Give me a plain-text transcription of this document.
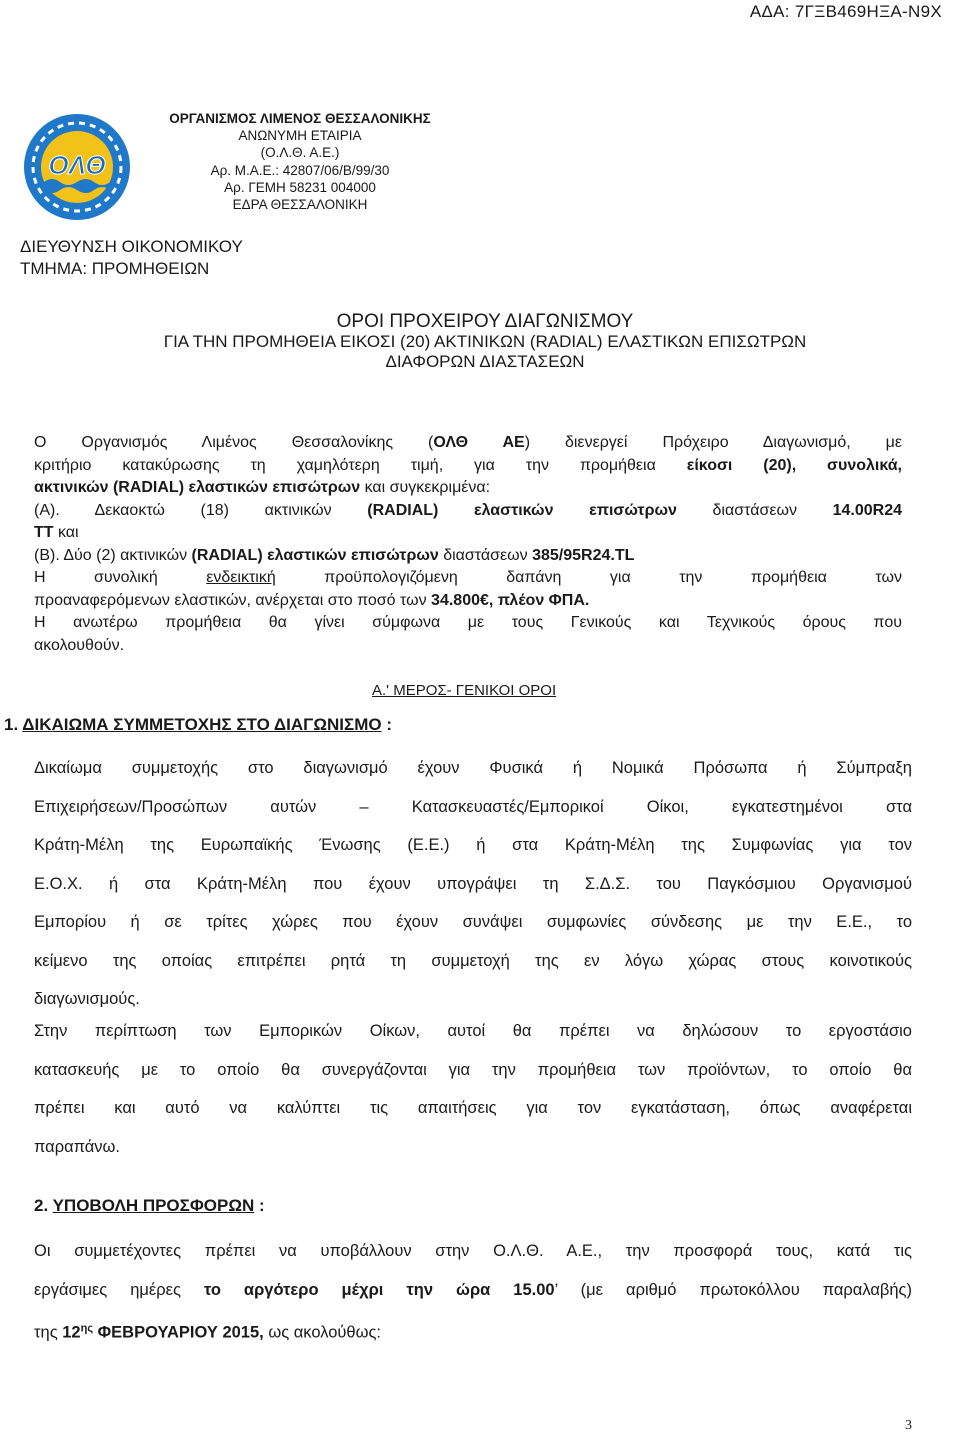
ΑΔΑ: 7ΓΞΒ469ΗΞΑ-Ν9Χ
ΟΛΘ
ΟΡΓΑΝΙΣΜΟΣ ΛΙΜΕΝΟΣ ΘΕΣΣΑΛΟΝΙΚΗΣ
ΑΝΩΝΥΜΗ ΕΤΑΙΡΙΑ
(Ο.Λ.Θ. Α.Ε.)
Αρ. Μ.Α.Ε.: 42807/06/Β/99/30
Αρ. ΓΕΜΗ 58231 004000
ΕΔΡΑ ΘΕΣΣΑΛΟΝΙΚΗ
ΔΙΕΥΘΥΝΣΗ ΟΙΚΟΝΟΜΙΚΟΥ
ΤΜΗΜΑ: ΠΡΟΜΗΘΕΙΩΝ
ΟΡΟΙ ΠΡΟΧΕΙΡΟΥ ΔΙΑΓΩΝΙΣΜΟΥ
ΓΙΑ ΤΗΝ ΠΡΟΜΗΘΕΙΑ ΕΙΚΟΣΙ (20) ΑΚΤΙΝΙΚΩΝ (RADIAL) ΕΛΑΣΤΙΚΩΝ ΕΠΙΣΩΤΡΩΝ
ΔΙΑΦΟΡΩΝ ΔΙΑΣΤΑΣΕΩΝ
Ο Οργανισμός Λιμένος Θεσσαλονίκης (ΟΛΘ ΑΕ) διενεργεί Πρόχειρο Διαγωνισμό, με
κριτήριο κατακύρωσης τη χαμηλότερη τιμή, για την προμήθεια είκοσι (20), συνολικά,
ακτινικών (RADIAL) ελαστικών επισώτρων και συγκεκριμένα:
(Α). Δεκαοκτώ (18) ακτινικών (RADIAL) ελαστικών επισώτρων διαστάσεων 14.00R24
ΤΤ και
(Β). Δύο (2) ακτινικών (RADIAL) ελαστικών επισώτρων διαστάσεων 385/95R24.TL
Η συνολική ενδεικτική προϋπολογιζόμενη δαπάνη για την προμήθεια των
προαναφερόμενων ελαστικών, ανέρχεται στο ποσό των 34.800€, πλέον ΦΠΑ.
Η ανωτέρω προμήθεια θα γίνει σύμφωνα με τους Γενικούς και Τεχνικούς όρους που
ακολουθούν.
Α.' ΜΕΡΟΣ- ΓΕΝΙΚΟΙ ΟΡΟΙ
1. ΔΙΚΑΙΩΜΑ ΣΥΜΜΕΤΟΧΗΣ ΣΤΟ ΔΙΑΓΩΝΙΣΜΟ :
Δικαίωμα συμμετοχής στο διαγωνισμό έχουν Φυσικά ή Νομικά Πρόσωπα ή Σύμπραξη
Επιχειρήσεων/Προσώπων αυτών – Κατασκευαστές/Εμπορικοί Οίκοι, εγκατεστημένοι στα
Κράτη-Μέλη της Ευρωπαϊκής Ένωσης (Ε.Ε.) ή στα Κράτη-Μέλη της Συμφωνίας για τον
Ε.Ο.Χ. ή στα Κράτη-Μέλη που έχουν υπογράψει τη Σ.Δ.Σ. του Παγκόσμιου Οργανισμού
Εμπορίου ή σε τρίτες χώρες που έχουν συνάψει συμφωνίες σύνδεσης με την Ε.Ε., το
κείμενο της οποίας επιτρέπει ρητά τη συμμετοχή της εν λόγω χώρας στους κοινοτικούς
διαγωνισμούς.
Στην περίπτωση των Εμπορικών Οίκων, αυτοί θα πρέπει να δηλώσουν το εργοστάσιο
κατασκευής με το οποίο θα συνεργάζονται για την προμήθεια των προϊόντων, το οποίο θα
πρέπει και αυτό να καλύπτει τις απαιτήσεις για τον εγκατάσταση, όπως αναφέρεται
παραπάνω.
2. ΥΠΟΒΟΛΗ ΠΡΟΣΦΟΡΩΝ :
Οι συμμετέχοντες πρέπει να υποβάλλουν στην Ο.Λ.Θ. Α.Ε., την προσφορά τους, κατά τις
εργάσιμες ημέρες το αργότερο μέχρι την ώρα 15.00’ (με αριθμό πρωτοκόλλου παραλαβής)
της $12^{\eta\varsigma}$ ΦΕΒΡΟΥΑΡΙΟΥ 2015, ως ακολούθως:
3
